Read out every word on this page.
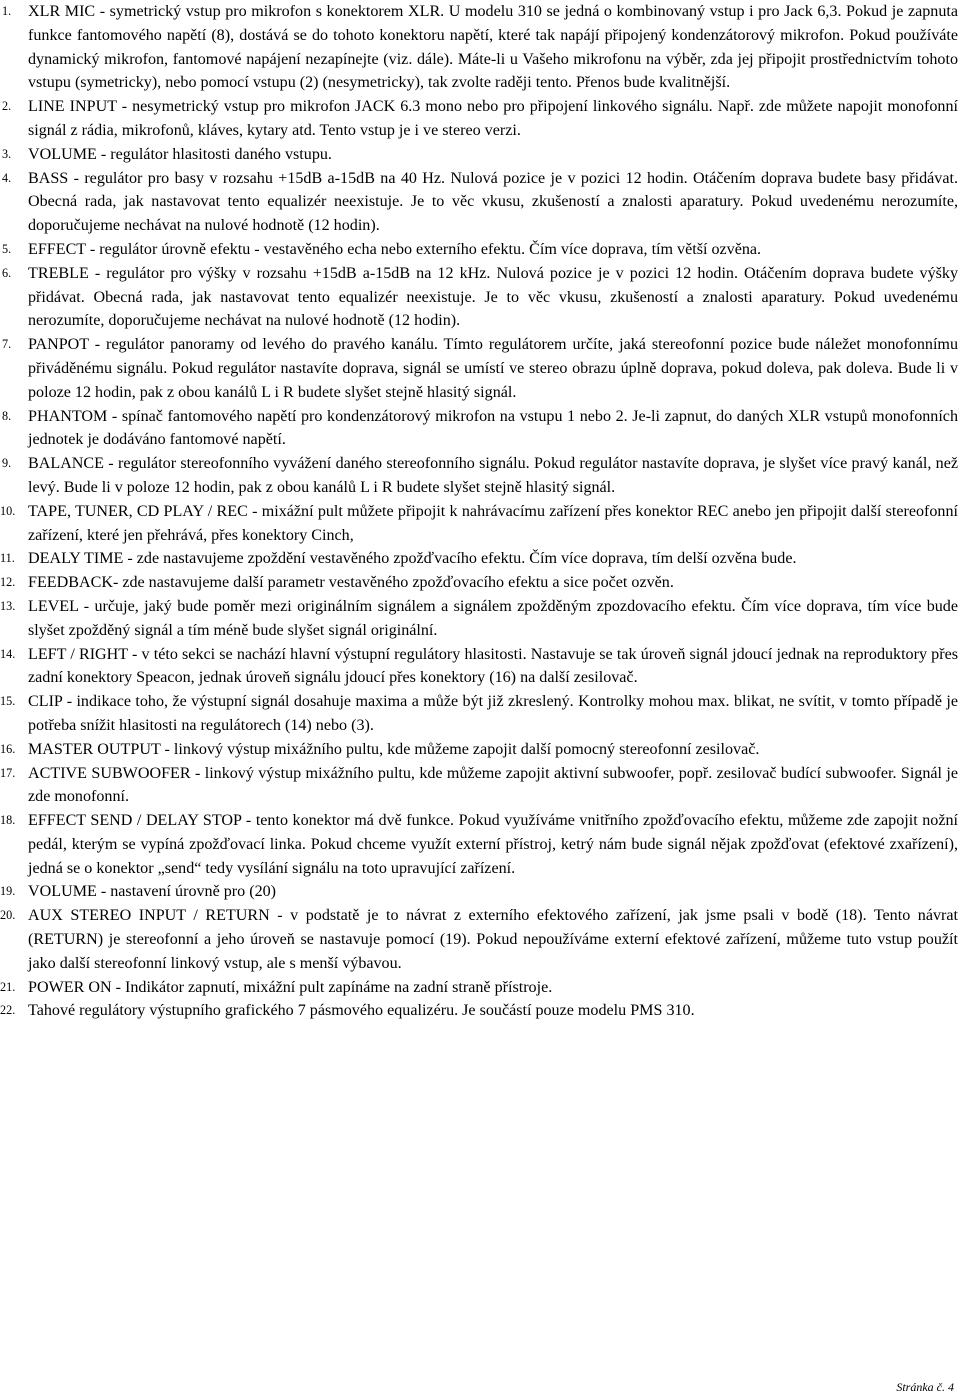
1. XLR MIC - symetrický vstup pro mikrofon s konektorem XLR. U modelu 310 se jedná o kombinovaný vstup i pro Jack 6,3. Pokud je zapnuta funkce fantomového napětí (8), dostává se do tohoto konektoru napětí, které tak napájí připojený kondenzátorový mikrofon. Pokud používáte dynamický mikrofon, fantomové napájení nezapínejte (viz. dále). Máte-li u Vašeho mikrofonu na výběr, zda jej připojit prostřednictvím tohoto vstupu (symetricky), nebo pomocí vstupu (2) (nesymetricky), tak zvolte raději tento. Přenos bude kvalitnější.
2. LINE INPUT - nesymetrický vstup pro mikrofon JACK 6.3 mono nebo pro připojení linkového signálu. Např. zde můžete napojit monofonní signál z rádia, mikrofonů, kláves, kytary atd. Tento vstup je i ve stereo verzi.
3. VOLUME - regulátor hlasitosti daného vstupu.
4. BASS - regulátor pro basy v rozsahu +15dB a-15dB na 40 Hz. Nulová pozice je v pozici 12 hodin. Otáčením doprava budete basy přidávat. Obecná rada, jak nastavovat tento equalizér neexistuje. Je to věc vkusu, zkušeností a znalosti aparatury. Pokud uvedenému nerozumíte, doporučujeme nechávat na nulové hodnotě (12 hodin).
5. EFFECT - regulátor úrovně efektu - vestavěného echa nebo externího efektu. Čím více doprava, tím větší ozvěna.
6. TREBLE - regulátor pro výšky v rozsahu +15dB a-15dB na 12 kHz. Nulová pozice je v pozici 12 hodin. Otáčením doprava budete výšky přidávat. Obecná rada, jak nastavovat tento equalizér neexistuje. Je to věc vkusu, zkušeností a znalosti aparatury. Pokud uvedenému nerozumíte, doporučujeme nechávat na nulové hodnotě (12 hodin).
7. PANPOT - regulátor panoramy od levého do pravého kanálu. Tímto regulátorem určíte, jaká stereofonní pozice bude náležet monofonnímu přiváděnému signálu. Pokud regulátor nastavíte doprava, signál se umístí ve stereo obrazu úplně doprava, pokud doleva, pak doleva. Bude li v poloze 12 hodin, pak z obou kanálů L i R budete slyšet stejně hlasitý signál.
8. PHANTOM - spínač fantomového napětí pro kondenzátorový mikrofon na vstupu 1 nebo 2. Je-li zapnut, do daných XLR vstupů monofonních jednotek je dodáváno fantomové napětí.
9. BALANCE - regulátor stereofonního vyvážení daného stereofonního signálu. Pokud regulátor nastavíte doprava, je slyšet více pravý kanál, než levý. Bude li v poloze 12 hodin, pak z obou kanálů L i R budete slyšet stejně hlasitý signál.
10. TAPE, TUNER, CD PLAY / REC - mixážní pult můžete připojit k nahrávacímu zařízení přes konektor REC anebo jen připojit další stereofonní zařízení, které jen přehrává, přes konektory Cinch,
11. DEALY TIME - zde nastavujeme zpoždění vestavěného zpožďvacího efektu. Čím více doprava, tím delší ozvěna bude.
12. FEEDBACK- zde nastavujeme další parametr vestavěného zpožďovacího efektu a sice počet ozvěn.
13. LEVEL - určuje, jaký bude poměr mezi originálním signálem a signálem zpožděným zpozdovacího efektu. Čím více doprava, tím více bude slyšet zpožděný signál a tím méně bude slyšet signál originální.
14. LEFT / RIGHT - v této sekci se nachází hlavní výstupní regulátory hlasitosti. Nastavuje se tak úroveň signál jdoucí jednak na reproduktory přes zadní konektory Speacon, jednak úroveň signálu jdoucí přes konektory (16) na další zesilovač.
15. CLIP - indikace toho, že výstupní signál dosahuje maxima a může být již zkreslený. Kontrolky mohou max. blikat, ne svítit, v tomto případě je potřeba snížit hlasitosti na regulátorech (14) nebo (3).
16. MASTER OUTPUT - linkový výstup mixážního pultu, kde můžeme zapojit další pomocný stereofonní zesilovač.
17. ACTIVE SUBWOOFER - linkový výstup mixážního pultu, kde můžeme zapojit aktivní subwoofer, popř. zesilovač budící subwoofer. Signál je zde monofonní.
18. EFFECT SEND / DELAY STOP - tento konektor má dvě funkce. Pokud využíváme vnitřního zpožďovacího efektu, můžeme zde zapojit nožní pedál, kterým se vypíná zpožďovací linka. Pokud chceme využít externí přístroj, ketrý nám bude signál nějak zpožďovat (efektové zxařízení), jedná se o konektor „send“ tedy vysílání signálu na toto upravující zařízení.
19. VOLUME - nastavení úrovně pro (20)
20. AUX STEREO INPUT / RETURN - v podstatě je to návrat z externího efektového zařízení, jak jsme psali v bodě (18). Tento návrat (RETURN) je stereofonní a jeho úroveň se nastavuje pomocí (19). Pokud nepoužíváme externí efektové zařízení, můžeme tuto vstup použít jako další stereofonní linkový vstup, ale s menší výbavou.
21. POWER ON - Indikátor zapnutí, mixážní pult zapínáme na zadní straně přístroje.
22. Tahové regulátory výstupního grafického 7 pásmového equalizéru. Je součástí pouze modelu PMS 310.
Stránka č. 4
